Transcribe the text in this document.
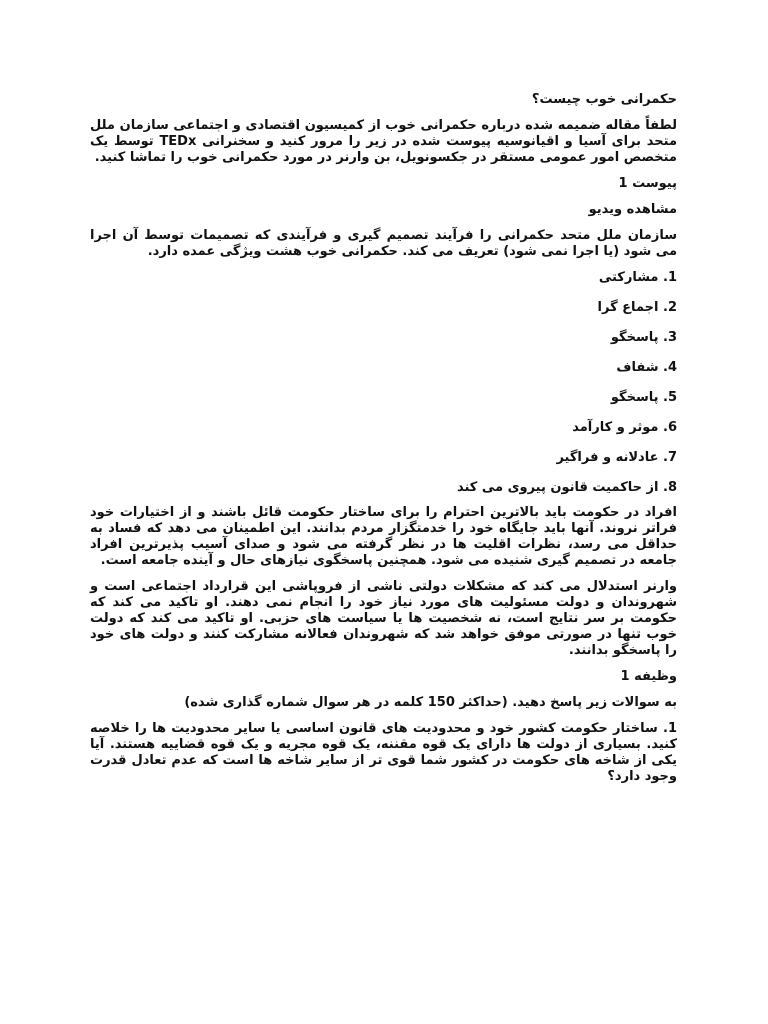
حکمرانی خوب چیست؟

لطفاً مقاله ضمیمه شده درباره حکمرانی خوب از کمیسیون اقتصادی و اجتماعی سازمان ملل متحد برای آسیا و اقیانوسیه پیوست شده در زیر را مرور کنید و سخنرانی TEDx توسط یک متخصص امور عمومی مستقر در جکسونویل، بن وارنر در مورد حکمرانی خوب را تماشا کنید.

پیوست 1

مشاهده ویدیو

سازمان ملل متحد حکمرانی را فرآیند تصمیم گیری و فرآیندی که تصمیمات توسط آن اجرا می شود (یا اجرا نمی شود) تعریف می کند. حکمرانی خوب هشت ویژگی عمده دارد.

1. مشارکتی

2. اجماع گرا

3. پاسخگو

4. شفاف

5. پاسخگو

6. موثر و کارآمد

7. عادلانه و فراگیر

8. از حاکمیت قانون پیروی می کند

افراد در حکومت باید بالاترین احترام را برای ساختار حکومت قائل باشند و از اختیارات خود فراتر نروند. آنها باید جایگاه خود را خدمتگزار مردم بدانند. این اطمینان می دهد که فساد به حداقل می رسد، نظرات اقلیت ها در نظر گرفته می شود و صدای آسیب پذیرترین افراد جامعه در تصمیم گیری شنیده می شود. همچنین پاسخگوی نیازهای حال و آینده جامعه است.

وارنر استدلال می کند که مشکلات دولتی ناشی از فروپاشی این قرارداد اجتماعی است و شهروندان و دولت مسئولیت های مورد نیاز خود را انجام نمی دهند. او تاکید می کند که حکومت بر سر نتایج است، نه شخصیت ها یا سیاست های حزبی. او تاکید می کند که دولت خوب تنها در صورتی موفق خواهد شد که شهروندان فعالانه مشارکت کنند و دولت های خود را پاسخگو بدانند.

وظیفه 1

به سوالات زیر پاسخ دهید. (حداکثر 150 کلمه در هر سوال شماره گذاری شده)

1. ساختار حکومت کشور خود و محدودیت های قانون اساسی یا سایر محدودیت ها را خلاصه کنید. بسیاری از دولت ها دارای یک قوه مقننه، یک قوه مجریه و یک قوه قضاییه هستند. آیا یکی از شاخه های حکومت در کشور شما قوی تر از سایر شاخه ها است که عدم تعادل قدرت وجود دارد؟
